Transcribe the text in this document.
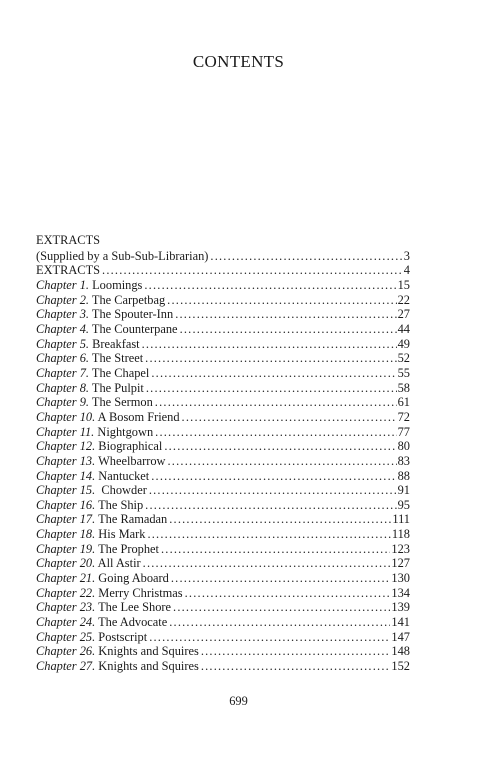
CONTENTS
EXTRACTS
(Supplied by a Sub-Sub-Librarian) .....	3
EXTRACTS .....	4
Chapter 1. Loomings .....	15
Chapter 2. The Carpetbag .....	22
Chapter 3. The Spouter-Inn .....	27
Chapter 4. The Counterpane .....	44
Chapter 5. Breakfast .....	49
Chapter 6. The Street .....	52
Chapter 7. The Chapel .....	55
Chapter 8. The Pulpit .....	58
Chapter 9. The Sermon .....	61
Chapter 10. A Bosom Friend .....	72
Chapter 11. Nightgown .....	77
Chapter 12. Biographical .....	80
Chapter 13. Wheelbarrow .....	83
Chapter 14. Nantucket .....	88
Chapter 15.  Chowder .....	91
Chapter 16. The Ship .....	95
Chapter 17. The Ramadan .....	111
Chapter 18. His Mark .....	118
Chapter 19. The Prophet .....	123
Chapter 20. All Astir .....	127
Chapter 21. Going Aboard .....	130
Chapter 22. Merry Christmas .....	134
Chapter 23. The Lee Shore .....	139
Chapter 24. The Advocate .....	141
Chapter 25. Postscript .....	147
Chapter 26. Knights and Squires .....	148
Chapter 27. Knights and Squires .....	152
699
